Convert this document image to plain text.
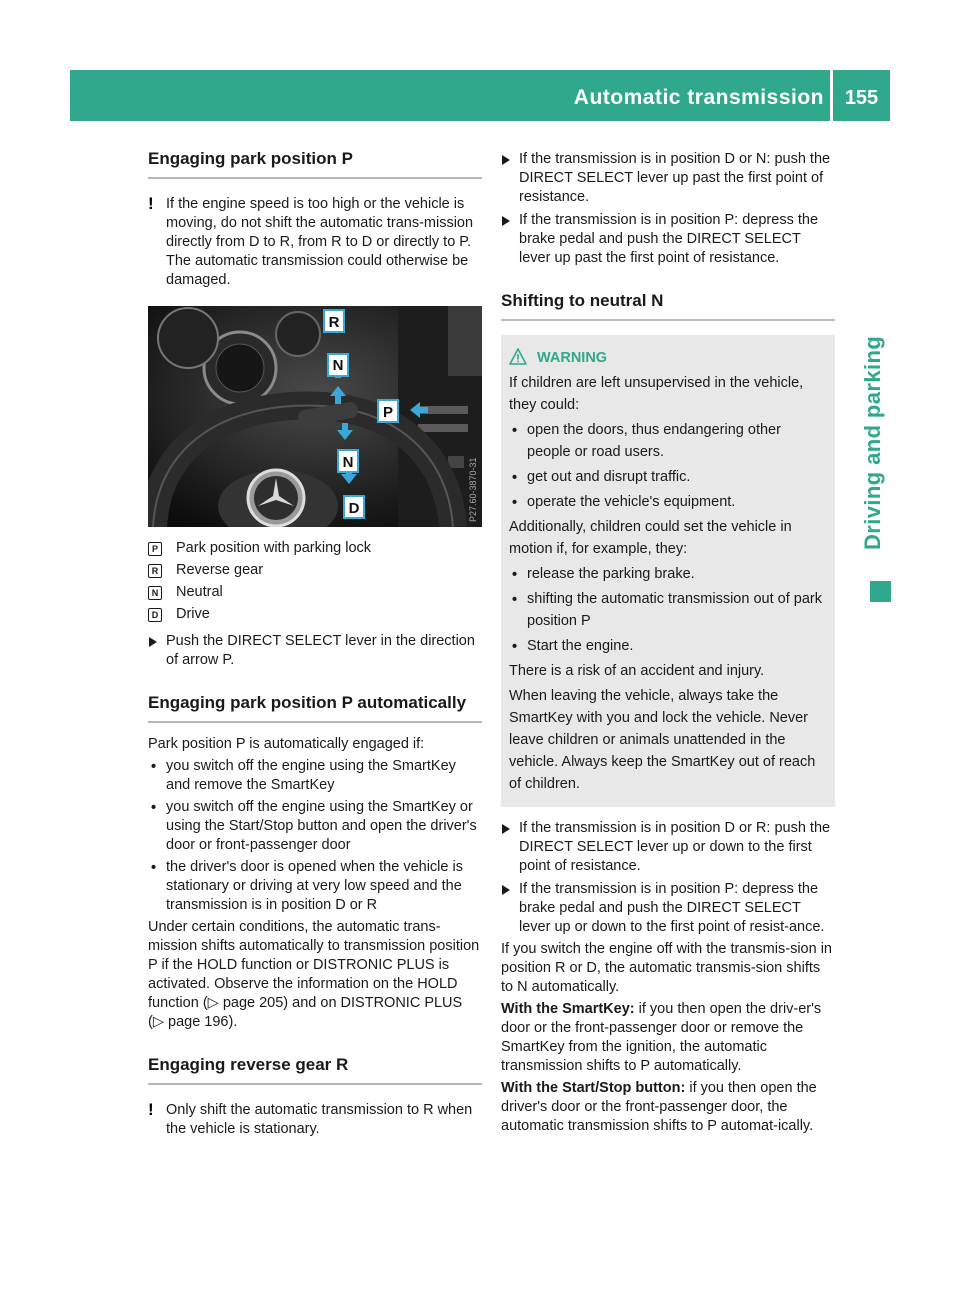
Automatic transmission	155
Driving and parking
Engaging park position P
! If the engine speed is too high or the vehicle is moving, do not shift the automatic trans-mission directly from D to R, from R to D or directly to P. The automatic transmission could otherwise be damaged.

R
N
P
N
D	P27.60-3870-31
P Park position with parking lock
R Reverse gear
N Neutral
D Drive

Push the DIRECT SELECT lever in the direction of arrow P.

Engaging park position P automatically

Park position P is automatically engaged if:

• you switch off the engine using the SmartKey and remove the SmartKey

• you switch off the engine using the SmartKey or using the Start/Stop button and open the driver's door or front-passenger door

• the driver's door is opened when the vehicle is stationary or driving at very low speed and the transmission is in position D or R

Under certain conditions, the automatic trans-mission shifts automatically to transmission position P if the HOLD function or DISTRONIC PLUS is activated. Observe the information on the HOLD function (▷ page 205) and on DISTRONIC PLUS (▷ page 196).

Engaging reverse gear R
! Only shift the automatic transmission to R when the vehicle is stationary.

If the transmission is in position D or N: push the DIRECT SELECT lever up past the first point of resistance.

If the transmission is in position P: depress the brake pedal and push the DIRECT SELECT lever up past the first point of resistance.

Shifting to neutral N
WARNING

If children are left unsupervised in the vehicle, they could:

• open the doors, thus endangering other people or road users.

• get out and disrupt traffic.

• operate the vehicle's equipment.

Additionally, children could set the vehicle in motion if, for example, they:

• release the parking brake.

• shifting the automatic transmission out of park position P

• Start the engine.

There is a risk of an accident and injury.

When leaving the vehicle, always take the SmartKey with you and lock the vehicle. Never leave children or animals unattended in the vehicle. Always keep the SmartKey out of reach of children.

If the transmission is in position D or R: push the DIRECT SELECT lever up or down to the first point of resistance.

If the transmission is in position P: depress the brake pedal and push the DIRECT SELECT lever up or down to the first point of resist-ance.

If you switch the engine off with the transmis-sion in position R or D, the automatic transmis-sion shifts to N automatically.

With the SmartKey: if you then open the driv-er's door or the front-passenger door or remove the SmartKey from the ignition, the automatic transmission shifts to P automatically.

With the Start/Stop button: if you then open the driver's door or the front-passenger door, the automatic transmission shifts to P automat-ically.
